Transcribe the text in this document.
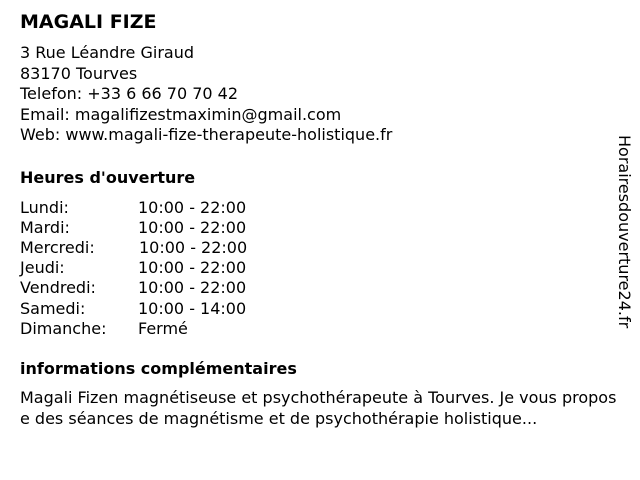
MAGALI FIZE
3 Rue Léandre Giraud
83170 Tourves
Telefon: +33 6 66 70 70 42
Email: magalifizestmaximin@gmail.com
Web: www.magali-fize-therapeute-holistique.fr
Heures d'ouverture
Lundi:	10:00 - 22:00
Mardi:	10:00 - 22:00
Mercredi:	10:00 - 22:00
Jeudi:	10:00 - 22:00
Vendredi:	10:00 - 22:00
Samedi:	10:00 - 14:00
Dimanche:	Fermé
informations complémentaires
Magali Fizen magnétiseuse et psychothérapeute à Tourves. Je vous propose des séances de magnétisme et de psychothérapie holistique...
Horairesdouverture24.fr
